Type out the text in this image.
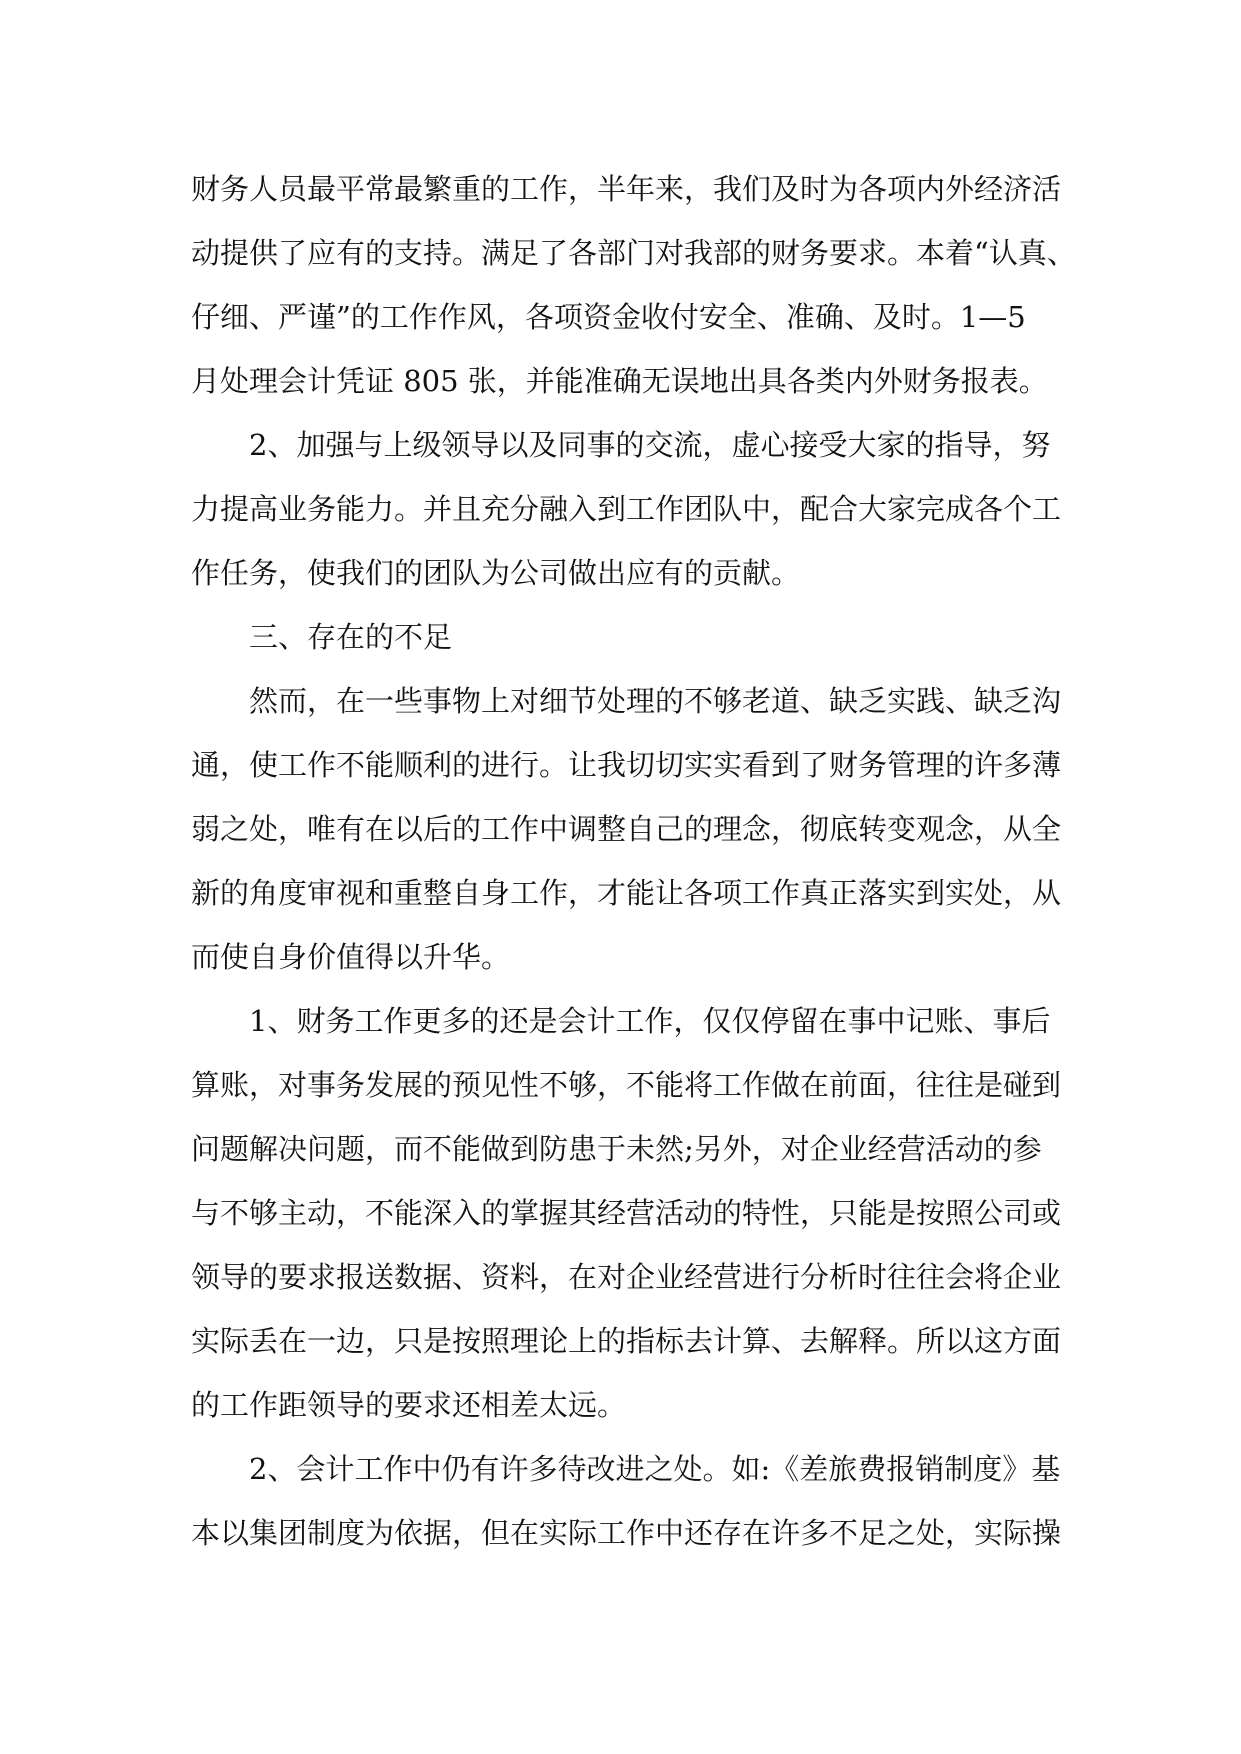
财务人员最平常最繁重的工作，半年来，我们及时为各项内外经济活
动提供了应有的支持。满足了各部门对我部的财务要求。本着“认真、
仔细、严谨”的工作作风，各项资金收付安全、准确、及时。1—5
月处理会计凭证 805 张，并能准确无误地出具各类内外财务报表。

2、加强与上级领导以及同事的交流，虚心接受大家的指导，努
力提高业务能力。并且充分融入到工作团队中，配合大家完成各个工
作任务，使我们的团队为公司做出应有的贡献。

三、存在的不足

然而，在一些事物上对细节处理的不够老道、缺乏实践、缺乏沟
通，使工作不能顺利的进行。让我切切实实看到了财务管理的许多薄
弱之处，唯有在以后的工作中调整自己的理念，彻底转变观念，从全
新的角度审视和重整自身工作，才能让各项工作真正落实到实处，从
而使自身价值得以升华。

1、财务工作更多的还是会计工作，仅仅停留在事中记账、事后
算账，对事务发展的预见性不够，不能将工作做在前面，往往是碰到
问题解决问题，而不能做到防患于未然;另外，对企业经营活动的参
与不够主动，不能深入的掌握其经营活动的特性，只能是按照公司或
领导的要求报送数据、资料，在对企业经营进行分析时往往会将企业
实际丢在一边，只是按照理论上的指标去计算、去解释。所以这方面
的工作距领导的要求还相差太远。

2、会计工作中仍有许多待改进之处。如:《差旅费报销制度》基
本以集团制度为依据，但在实际工作中还存在许多不足之处，实际操
